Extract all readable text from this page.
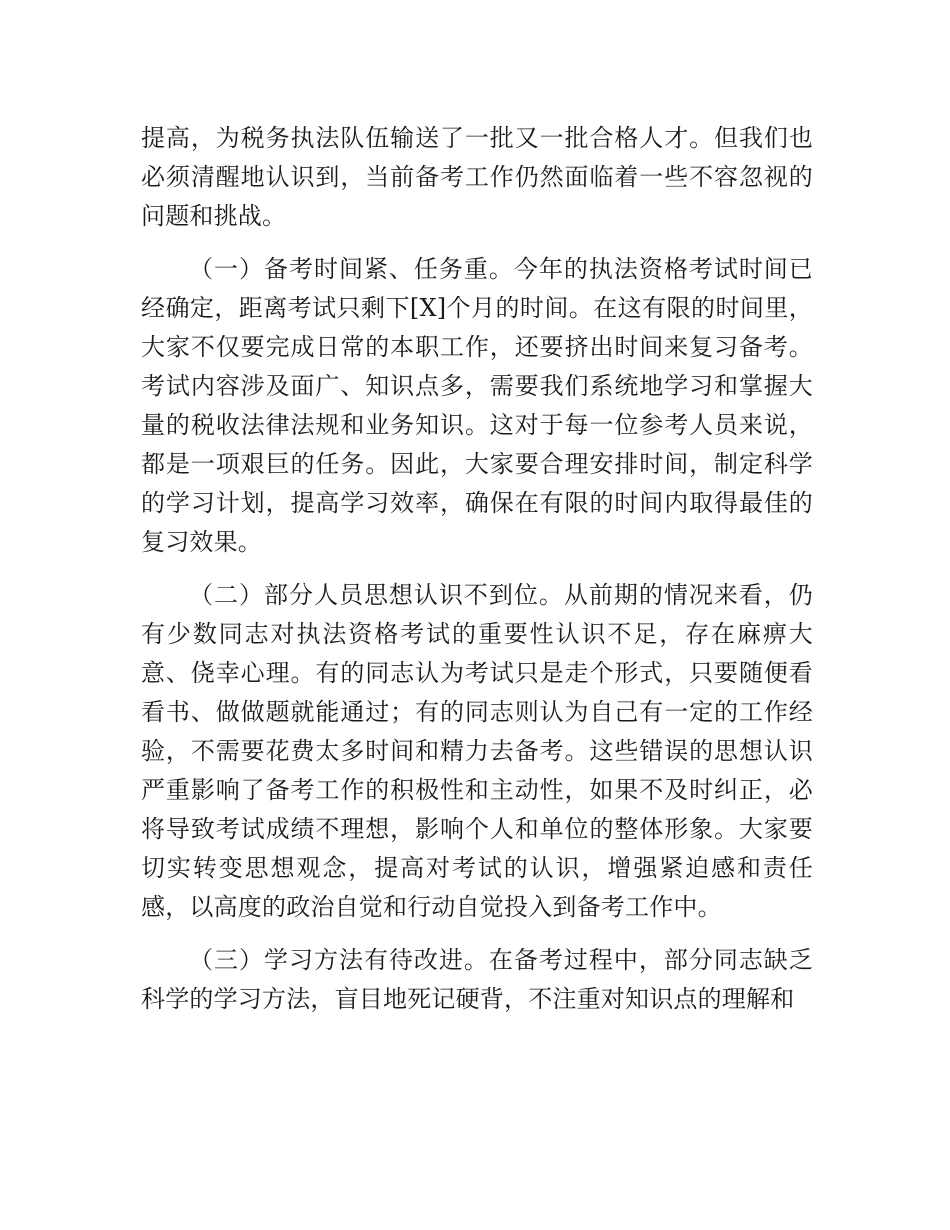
提高，为税务执法队伍输送了一批又一批合格人才。但我们也必须清醒地认识到，当前备考工作仍然面临着一些不容忽视的问题和挑战。

（一）备考时间紧、任务重。今年的执法资格考试时间已经确定，距离考试只剩下[X]个月的时间。在这有限的时间里，大家不仅要完成日常的本职工作，还要挤出时间来复习备考。考试内容涉及面广、知识点多，需要我们系统地学习和掌握大量的税收法律法规和业务知识。这对于每一位参考人员来说，都是一项艰巨的任务。因此，大家要合理安排时间，制定科学的学习计划，提高学习效率，确保在有限的时间内取得最佳的复习效果。

（二）部分人员思想认识不到位。从前期的情况来看，仍有少数同志对执法资格考试的重要性认识不足，存在麻痹大意、侥幸心理。有的同志认为考试只是走个形式，只要随便看看书、做做题就能通过；有的同志则认为自己有一定的工作经验，不需要花费太多时间和精力去备考。这些错误的思想认识严重影响了备考工作的积极性和主动性，如果不及时纠正，必将导致考试成绩不理想，影响个人和单位的整体形象。大家要切实转变思想观念，提高对考试的认识，增强紧迫感和责任感，以高度的政治自觉和行动自觉投入到备考工作中。

（三）学习方法有待改进。在备考过程中，部分同志缺乏科学的学习方法，盲目地死记硬背，不注重对知识点的理解和
